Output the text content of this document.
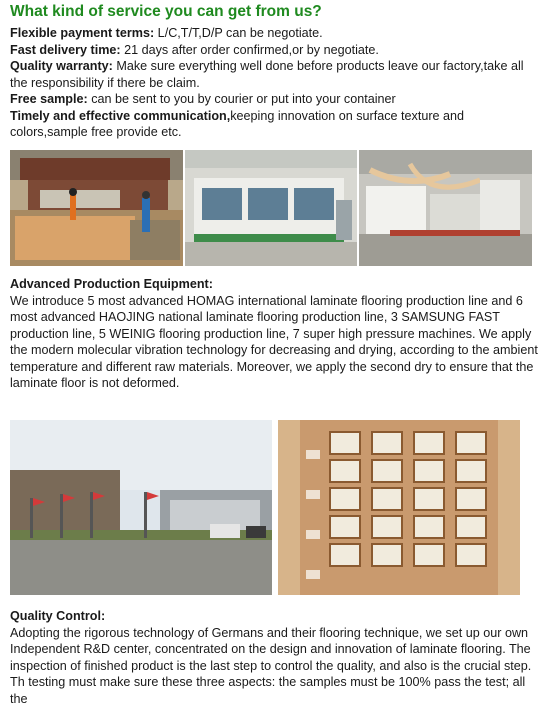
What kind of service you can get from us?
Flexible payment terms: L/C,T/T,D/P can be negotiate.
Fast delivery time: 21 days after order confirmed,or by negotiate.
Quality warranty: Make sure everything well done before products leave our factory,take all the responsibility if there be claim.
Free sample: can be sent to you by courier or put into your container
Timely and effective communication,keeping innovation on surface texture and colors,sample free provide etc.
Advanced Production Equipment:
We introduce 5 most advanced HOMAG international laminate flooring production line and 6 most advanced HAOJING national laminate flooring production line, 3 SAMSUNG FAST production line, 5 WEINIG flooring production line, 7 super high pressure machines. We apply the modern molecular vibration technology for decreasing and drying, according to the ambient temperature and different raw materials. Moreover, we apply the second dry to ensure that the laminate floor is not deformed.
Quality Control:
Adopting the rigorous technology of Germans and their flooring technique, we set up our own Independent R&D center, concentrated on the design and innovation of laminate flooring. The inspection of finished product is the last step to control the quality, and also is the crucial step. Th testing must make sure these three aspects: the samples must be 100% pass the test; all the
